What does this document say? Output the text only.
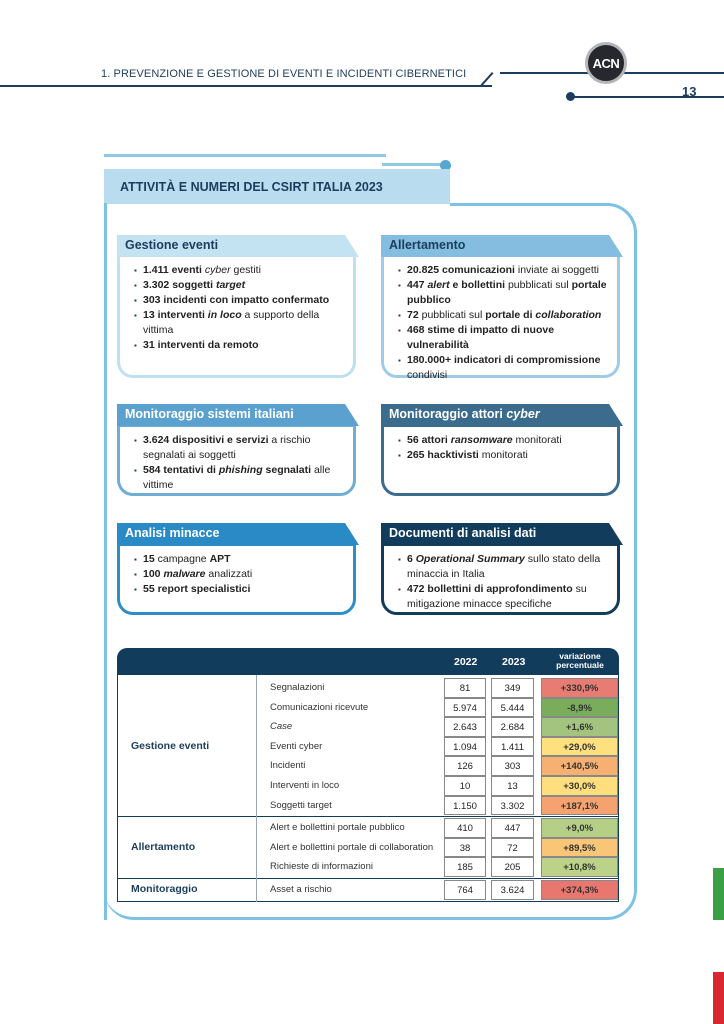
1. PREVENZIONE E GESTIONE DI EVENTI E INCIDENTI CIBERNETICI
ACN
13
ATTIVITÀ E NUMERI DEL CSIRT ITALIA 2023
▪ 1.411 eventi cyber gestiti
▪ 3.302 soggetti target
▪ 303 incidenti con impatto confermato
▪ 13 interventi in loco a supporto della vittima
▪ 31 interventi da remoto
Gestione eventi
▪ 20.825 comunicazioni inviate ai soggetti
▪ 447 alert e bollettini pubblicati sul portale pubblico
▪ 72 pubblicati sul portale di collaboration
▪ 468 stime di impatto di nuove vulnerabilità
▪ 180.000+ indicatori di compromissione condivisi
Allertamento
▪ 3.624 dispositivi e servizi a rischio segnalati ai soggetti
▪ 584 tentativi di phishing segnalati alle vittime
Monitoraggio sistemi italiani
▪ 56 attori ransomware monitorati
▪ 265 hacktivisti monitorati
Monitoraggio attori cyber
▪ 15 campagne APT
▪ 100 malware analizzati
▪ 55 report specialistici
Analisi minacce
▪ 6 Operational Summary sullo stato della minaccia in Italia
▪ 472 bollettini di approfondimento su mitigazione minacce specifiche
Documenti di analisi dati
2022 2023	variazione percentuale
Segnalazioni	81	349	+330,9%
Comunicazioni ricevute	5.974	5.444	-8,9%
Case	2.643	2.684	+1,6%
Eventi cyber	1.094	1.411	+29,0%
Incidenti	126	303	+140,5%
Interventi in loco	10	13	+30,0%
Soggetti target	1.150	3.302	+187,1%
Gestione eventi
Alert e bollettini portale pubblico	410	447	+9,0%
Alert e bollettini portale di collaboration	38	72	+89,5%
Richieste di informazioni	185	205	+10,8%
Allertamento
Asset a rischio	764	3.624	+374,3%
Monitoraggio
